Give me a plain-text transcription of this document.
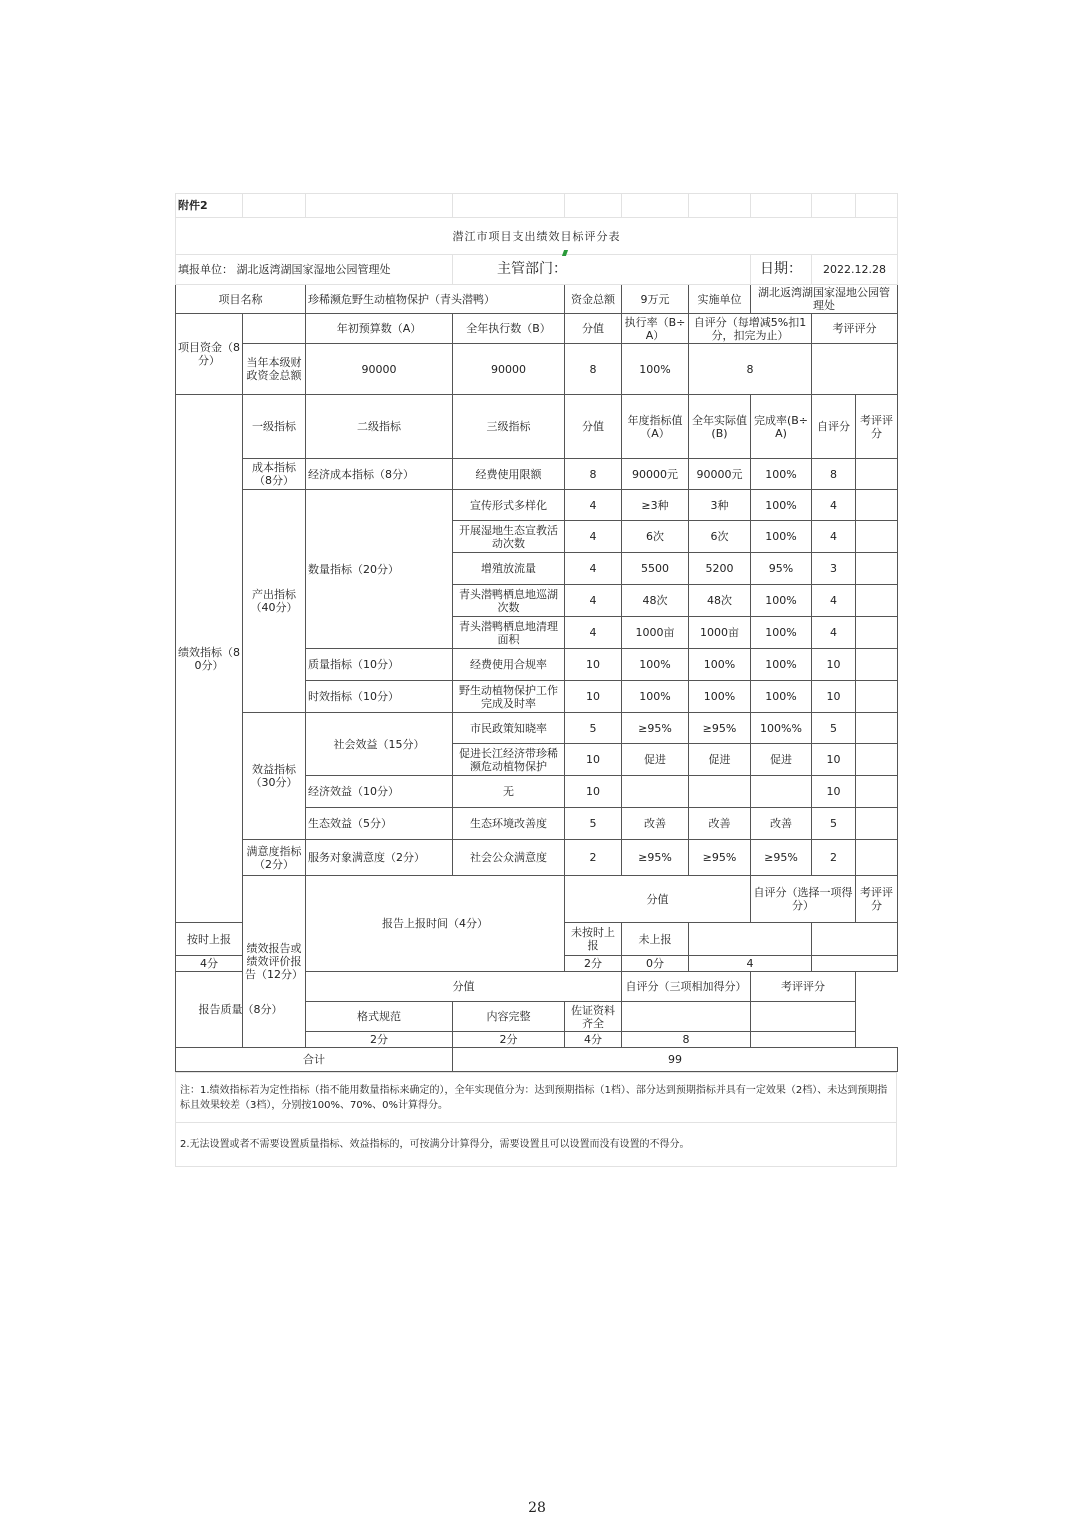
附件2										
潜江市项目支出绩效目标评分表										
填报单位： 湖北返湾湖国家湿地公园管理处			主管部门：				日期：	2022.12.28		
项目名称		珍稀濒危野生动植物保护（青头潜鸭）		资金总额	9万元	实施单位	湖北返湾湖国家湿地公园管理处			
项目资金（8分）		年初预算数（A）	全年执行数（B）	分值	执行率（B÷A）	自评分（每增减5%扣1分，扣完为止）		考评评分		
	当年本级财政资金总额	90000	90000	8	100%	8				
绩效指标（80分）	一级指标	二级指标	三级指标	分值	年度指标值（A）	全年实际值(B)	完成率(B÷A)	自评分	考评评分	
	成本指标（8分）	经济成本指标（8分）	经费使用限额	8	90000元	90000元	100%	8		
	产出指标（40分）	数量指标（20分）	宣传形式多样化	4	≥3种	3种	100%	4		
			开展湿地生态宣教活动次数	4	6次	6次	100%	4		
			增殖放流量	4	5500	5200	95%	3		
			青头潜鸭栖息地巡湖次数	4	48次	48次	100%	4		
			青头潜鸭栖息地清理面积	4	1000亩	1000亩	100%	4		
		质量指标（10分）	经费使用合规率	10	100%	100%	100%	10		
		时效指标（10分）	野生动植物保护工作完成及时率	10	100%	100%	100%	10		
	效益指标（30分）	社会效益（15分）	市民政策知晓率	5	≥95%	≥95%	100%%	5		
			促进长江经济带珍稀濒危动植物保护	10	促进	促进	促进	10		
		经济效益（10分）	无	10				10		
		生态效益（5分）	生态环境改善度	5	改善	改善	改善	5		
	满意度指标（2分）	服务对象满意度（2分）	社会公众满意度	2	≥95%	≥95%	≥95%	2		
	绩效报告或绩效评价报告（12分）	报告上报时间（4分）		分值			自评分（选择一项得分）		考评评分	
按时上报				未按时上报	未上报					
4分				2分	0分	4				
报告质量（8分）		分值			自评分（三项相加得分）		考评评分			
		格式规范	内容完整	佐证资料齐全						
		2分	2分	4分	8					
合计			99							
注：1.绩效指标若为定性指标（指不能用数量指标来确定的），全年实现值分为：达到预期指标（1档）、部分达到预期指标并具有一定效果（2档）、未达到预期指标且效果较差（3档），分别按100%、70%、0%计算得分。
2.无法设置或者不需要设置质量指标、效益指标的，可按满分计算得分，需要设置且可以设置而没有设置的不得分。
28
